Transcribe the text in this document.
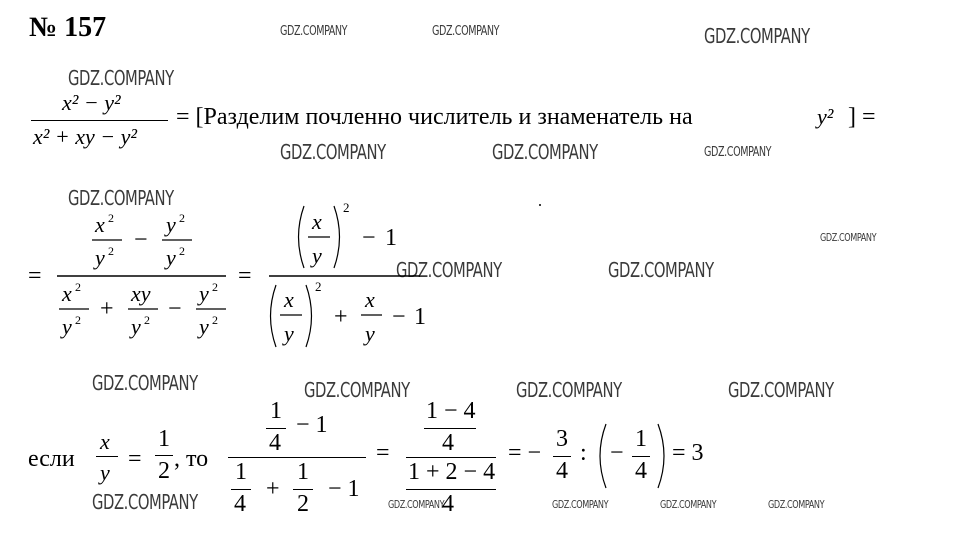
№ 157	GDZ.COMPANY	GDZ.COMPANY	GDZ.COMPANY
GDZ.COMPANY
GDZ.COMPANY	GDZ.COMPANY	GDZ.COMPANY
GDZ.COMPANY
GDZ.COMPANY
GDZ.COMPANY	GDZ.COMPANY
GDZ.COMPANY	GDZ.COMPANY	GDZ.COMPANY	GDZ.COMPANY
GDZ.COMPANY	GDZ.COMPANY	GDZ.COMPANY	GDZ.COMPANY	GDZ.COMPANY
x² − y²
x² + xy − y²
= [Разделим почленно числитель и знаменатель на	y² ] =
=
x 2
y 2 −
y 2
y 2
x 2
y 2 +
xy
y 2 −
y 2
y 2
=
x
y
2
− 1
x
y
2
+
x
y
− 1
если
x
y
=
1
2 , то
1
4
− 1
1
4
+
1
2
− 1
=
1 − 4
4
1 + 2 − 4
4
= −
3
4
: −
1
4
= 3
